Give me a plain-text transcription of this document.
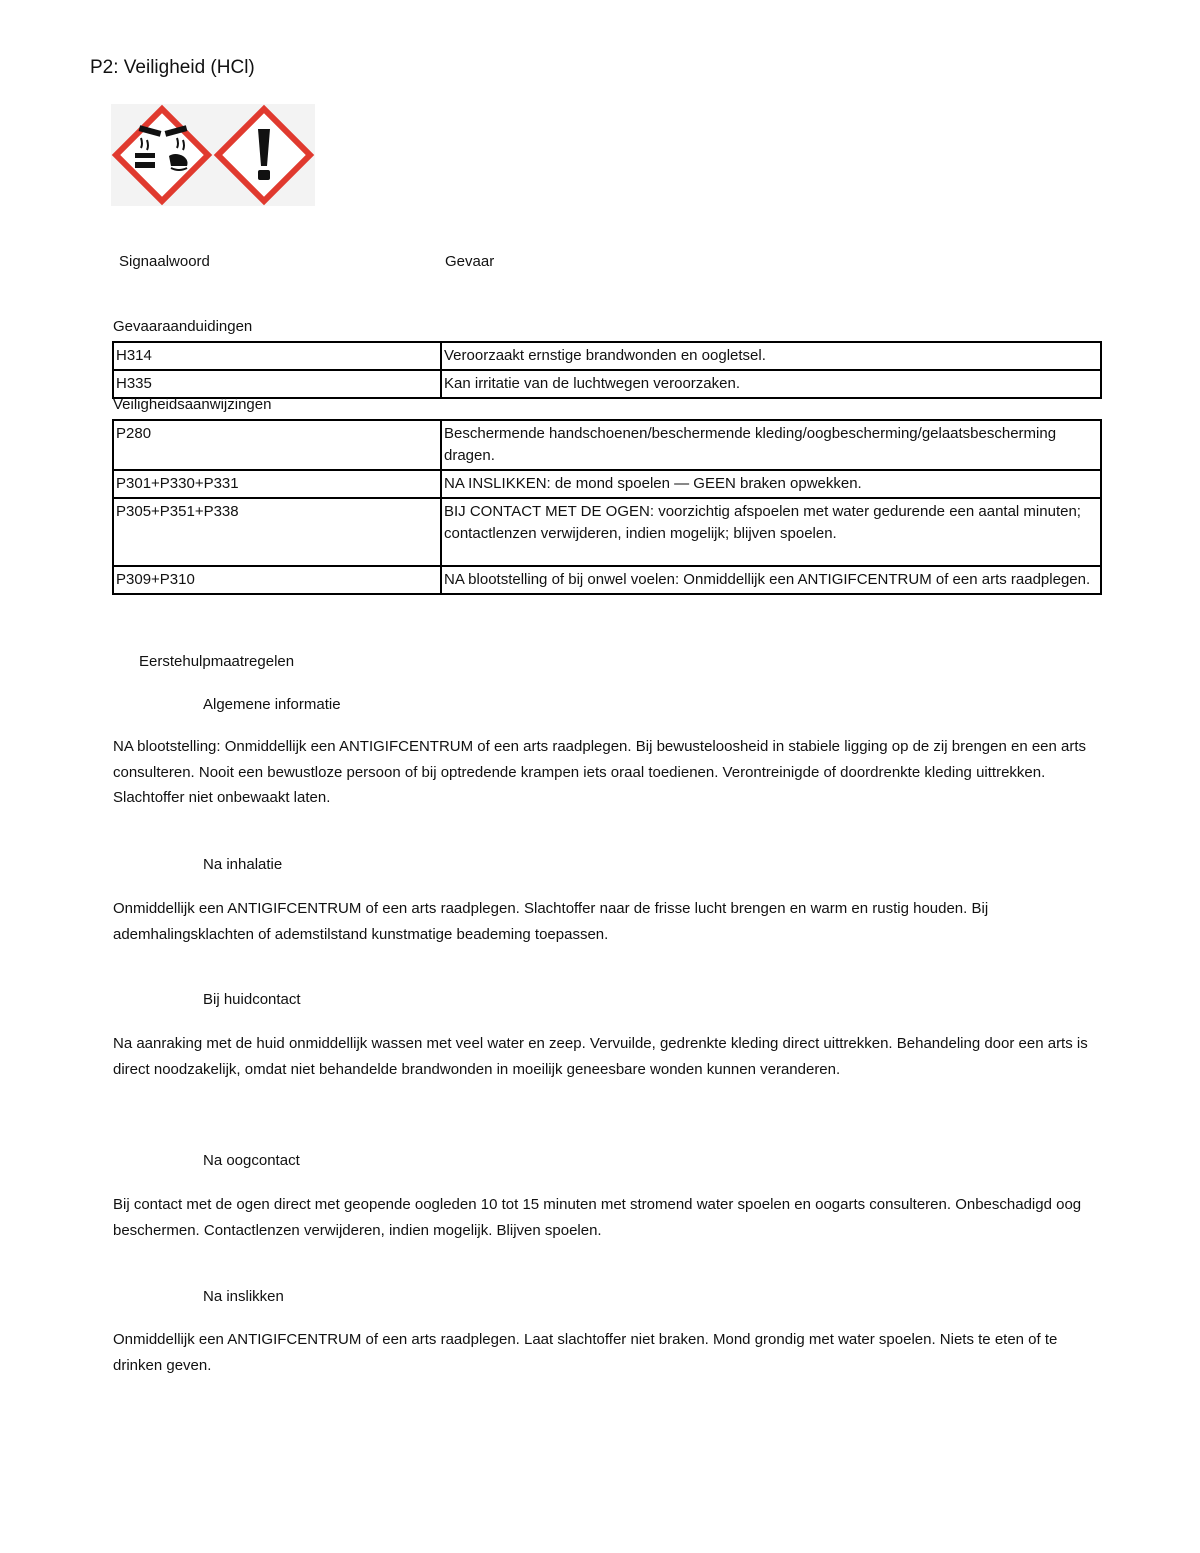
P2: Veiligheid (HCl)
Signaalwoord	Gevaar
Gevaaraanduidingen
H314	Veroorzaakt ernstige brandwonden en oogletsel.
H335	Kan irritatie van de luchtwegen veroorzaken.
Veiligheidsaanwijzingen
P280	Beschermende handschoenen/beschermende kleding/oogbescherming/gelaatsbescherming dragen.
P301+P330+P331	NA INSLIKKEN: de mond spoelen — GEEN braken opwekken.
P305+P351+P338	BIJ CONTACT MET DE OGEN: voorzichtig afspoelen met water gedurende een aantal minuten; contactlenzen verwijderen, indien mogelijk; blijven spoelen.
P309+P310	NA blootstelling of bij onwel voelen: Onmiddellijk een ANTIGIFCENTRUM of een arts raadplegen.
Eerstehulpmaatregelen
Algemene informatie
NA blootstelling: Onmiddellijk een ANTIGIFCENTRUM of een arts raadplegen. Bij bewusteloosheid in stabiele ligging op de zij brengen en een arts consulteren. Nooit een bewustloze persoon of bij optredende krampen iets oraal toedienen. Verontreinigde of doordrenkte kleding uittrekken. Slachtoffer niet onbewaakt laten.
Na inhalatie
Onmiddellijk een ANTIGIFCENTRUM of een arts raadplegen. Slachtoffer naar de frisse lucht brengen en warm en rustig houden. Bij ademhalingsklachten of ademstilstand kunstmatige beademing toepassen.
Bij huidcontact
Na aanraking met de huid onmiddellijk wassen met veel water en zeep. Vervuilde, gedrenkte kleding direct uittrekken. Behandeling door een arts is direct noodzakelijk, omdat niet behandelde brandwonden in moeilijk geneesbare wonden kunnen veranderen.
Na oogcontact
Bij contact met de ogen direct met geopende oogleden 10 tot 15 minuten met stromend water spoelen en oogarts consulteren. Onbeschadigd oog beschermen. Contactlenzen verwijderen, indien mogelijk. Blijven spoelen.
Na inslikken
Onmiddellijk een ANTIGIFCENTRUM of een arts raadplegen. Laat slachtoffer niet braken. Mond grondig met water spoelen. Niets te eten of te drinken geven.
